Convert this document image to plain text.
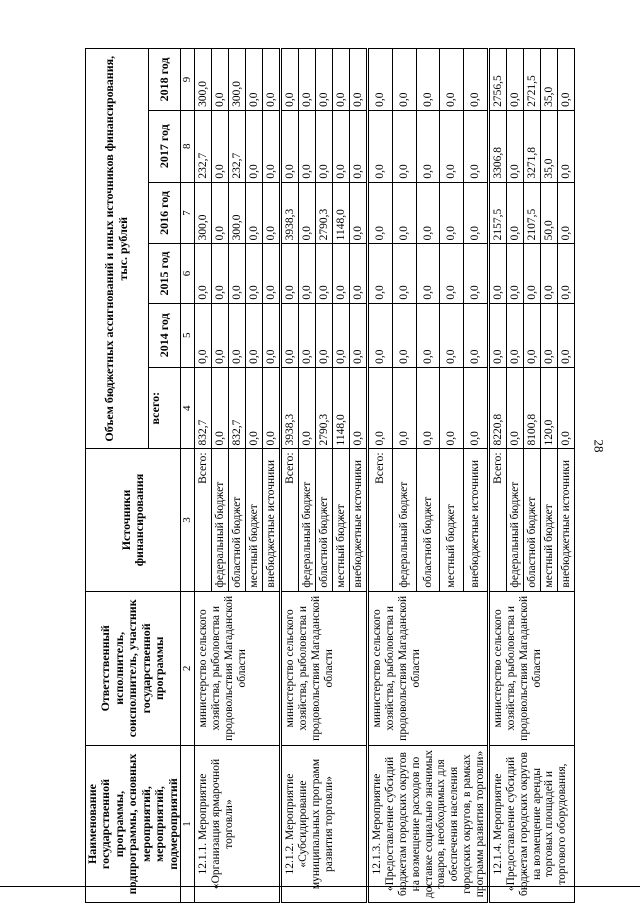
28
Наименование государственной программы, подпрограммы, основных мероприятий, мероприятий, подмероприятий	Ответственный исполнитель, соисполнитель, участник государственной программы	Источники финансирования	Объем бюджетных ассигнований и иных источников финансирования, тыс. рублей					
			всего:	2014 год	2015 год	2016 год	2017 год	2018 год
1	2	3	4	5	6	7	8	9
12.1.1. Мероприятие «Организация ярмарочной торговли»	министерство сельского хозяйства, рыболовства и продовольствия Магаданской области	Всего:	832,7	0,0	0,0	300,0	232,7	300,0
		федеральный бюджет	0,0	0,0	0,0	0,0	0,0	0,0
		областной бюджет	832,7	0,0	0,0	300,0	232,7	300,0
		местный бюджет	0,0	0,0	0,0	0,0	0,0	0,0
		внебюджетные источники	0,0	0,0	0,0	0,0	0,0	0,0
12.1.2. Мероприятие «Субсидирование муниципальных программ развития торговли»	министерство сельского хозяйства, рыболовства и продовольствия Магаданской области	Всего:	3938,3	0,0	0,0	3938,3	0,0	0,0
		федеральный бюджет	0,0	0,0	0,0	0,0	0,0	0,0
		областной бюджет	2790,3	0,0	0,0	2790,3	0,0	0,0
		местный бюджет	1148,0	0,0	0,0	1148,0	0,0	0,0
		внебюджетные источники	0,0	0,0	0,0	0,0	0,0	0,0
12.1.3. Мероприятие «Предоставление субсидий бюджетам городских округов на возмещение расходов по доставке социально значимых товаров, необходимых для обеспечения населения городских округов, в рамках программ развития торговли»	министерство сельского хозяйства, рыболовства и продовольствия Магаданской области	Всего:	0,0	0,0	0,0	0,0	0,0	0,0
		федеральный бюджет	0,0	0,0	0,0	0,0	0,0	0,0
		областной бюджет	0,0	0,0	0,0	0,0	0,0	0,0
		местный бюджет	0,0	0,0	0,0	0,0	0,0	0,0
		внебюджетные источники	0,0	0,0	0,0	0,0	0,0	0,0
12.1.4. Мероприятие «Предоставление субсидий бюджетам городских округов на возмещение аренды торговых площадей и торгового оборудования,	министерство сельского хозяйства, рыболовства и продовольствия Магаданской области	Всего:	8220,8	0,0	0,0	2157,5	3306,8	2756,5
		федеральный бюджет	0,0	0,0	0,0	0,0	0,0	0,0
		областной бюджет	8100,8	0,0	0,0	2107,5	3271,8	2721,5
		местный бюджет	120,0	0,0	0,0	50,0	35,0	35,0
		внебюджетные источники	0,0	0,0	0,0	0,0	0,0	0,0
